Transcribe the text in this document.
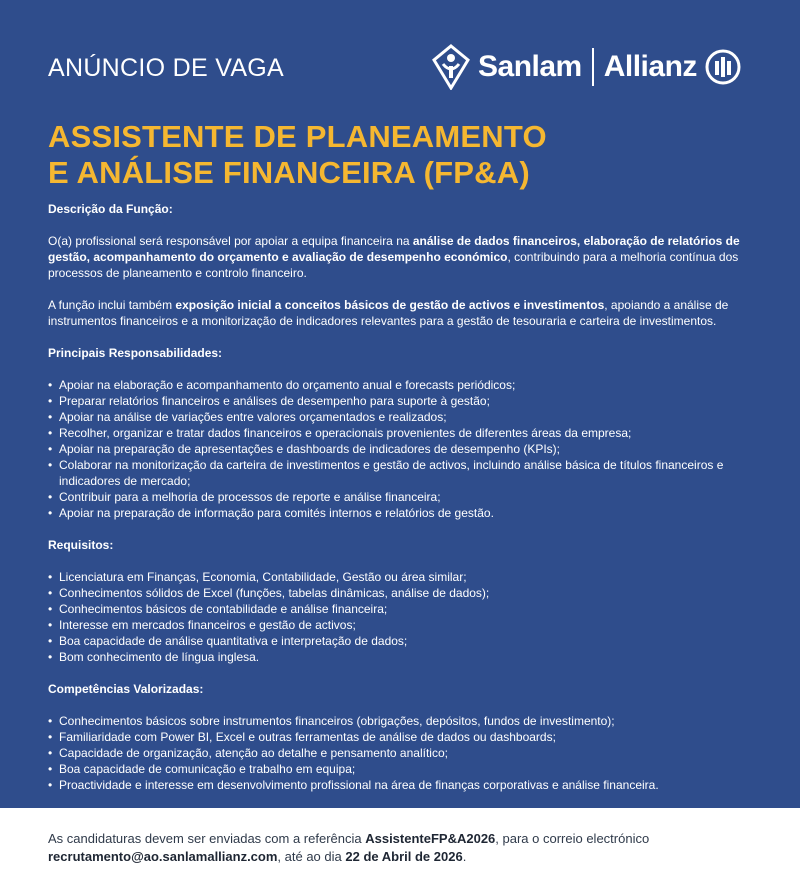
ANÚNCIO DE VAGA	Sanlam Allianz
ASSISTENTE DE PLANEAMENTO
E ANÁLISE FINANCEIRA (FP&A)
Descrição da Função:

O(a) profissional será responsável por apoiar a equipa financeira na análise de dados financeiros, elaboração de relatórios de gestão, acompanhamento do orçamento e avaliação de desempenho económico, contribuindo para a melhoria contínua dos processos de planeamento e controlo financeiro.

A função inclui também exposição inicial a conceitos básicos de gestão de activos e investimentos, apoiando a análise de instrumentos financeiros e a monitorização de indicadores relevantes para a gestão de tesouraria e carteira de investimentos.

Principais Responsabilidades:
• Apoiar na elaboração e acompanhamento do orçamento anual e forecasts periódicos;
• Preparar relatórios financeiros e análises de desempenho para suporte à gestão;
• Apoiar na análise de variações entre valores orçamentados e realizados;
• Recolher, organizar e tratar dados financeiros e operacionais provenientes de diferentes áreas da empresa;
• Apoiar na preparação de apresentações e dashboards de indicadores de desempenho (KPIs);
• Colaborar na monitorização da carteira de investimentos e gestão de activos, incluindo análise básica de títulos financeiros e indicadores de mercado;
• Contribuir para a melhoria de processos de reporte e análise financeira;
• Apoiar na preparação de informação para comités internos e relatórios de gestão.
Requisitos:
• Licenciatura em Finanças, Economia, Contabilidade, Gestão ou área similar;
• Conhecimentos sólidos de Excel (funções, tabelas dinâmicas, análise de dados);
• Conhecimentos básicos de contabilidade e análise financeira;
• Interesse em mercados financeiros e gestão de activos;
• Boa capacidade de análise quantitativa e interpretação de dados;
• Bom conhecimento de língua inglesa.
Competências Valorizadas:
• Conhecimentos básicos sobre instrumentos financeiros (obrigações, depósitos, fundos de investimento);
• Familiaridade com Power BI, Excel e outras ferramentas de análise de dados ou dashboards;
• Capacidade de organização, atenção ao detalhe e pensamento analítico;
• Boa capacidade de comunicação e trabalho em equipa;
• Proactividade e interesse em desenvolvimento profissional na área de finanças corporativas e análise financeira.
As candidaturas devem ser enviadas com a referência AssistenteFP&A2026, para o correio electrónico
recrutamento@ao.sanlamallianz.com, até ao dia 22 de Abril de 2026.
